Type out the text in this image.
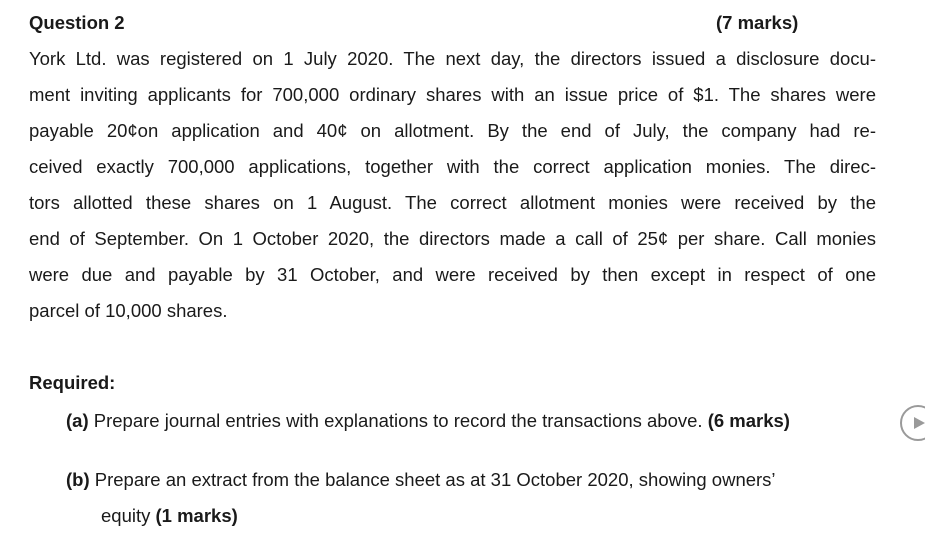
Question 2	(7 marks)
York Ltd. was registered on 1 July 2020. The next day, the directors issued a disclosure docu-
ment inviting applicants for 700,000 ordinary shares with an issue price of $1. The shares were
payable 20¢on application and 40¢ on allotment. By the end of July, the company had re-
ceived exactly 700,000 applications, together with the correct application monies. The direc-
tors allotted these shares on 1 August. The correct allotment monies were received by the
end of September. On 1 October 2020, the directors made a call of 25¢ per share. Call monies
were due and payable by 31 October, and were received by then except in respect of one
parcel of 10,000 shares.
Required:
(a) Prepare journal entries with explanations to record the transactions above. (6 marks)
(b) Prepare an extract from the balance sheet as at 31 October 2020, showing owners’
equity (1 marks)
